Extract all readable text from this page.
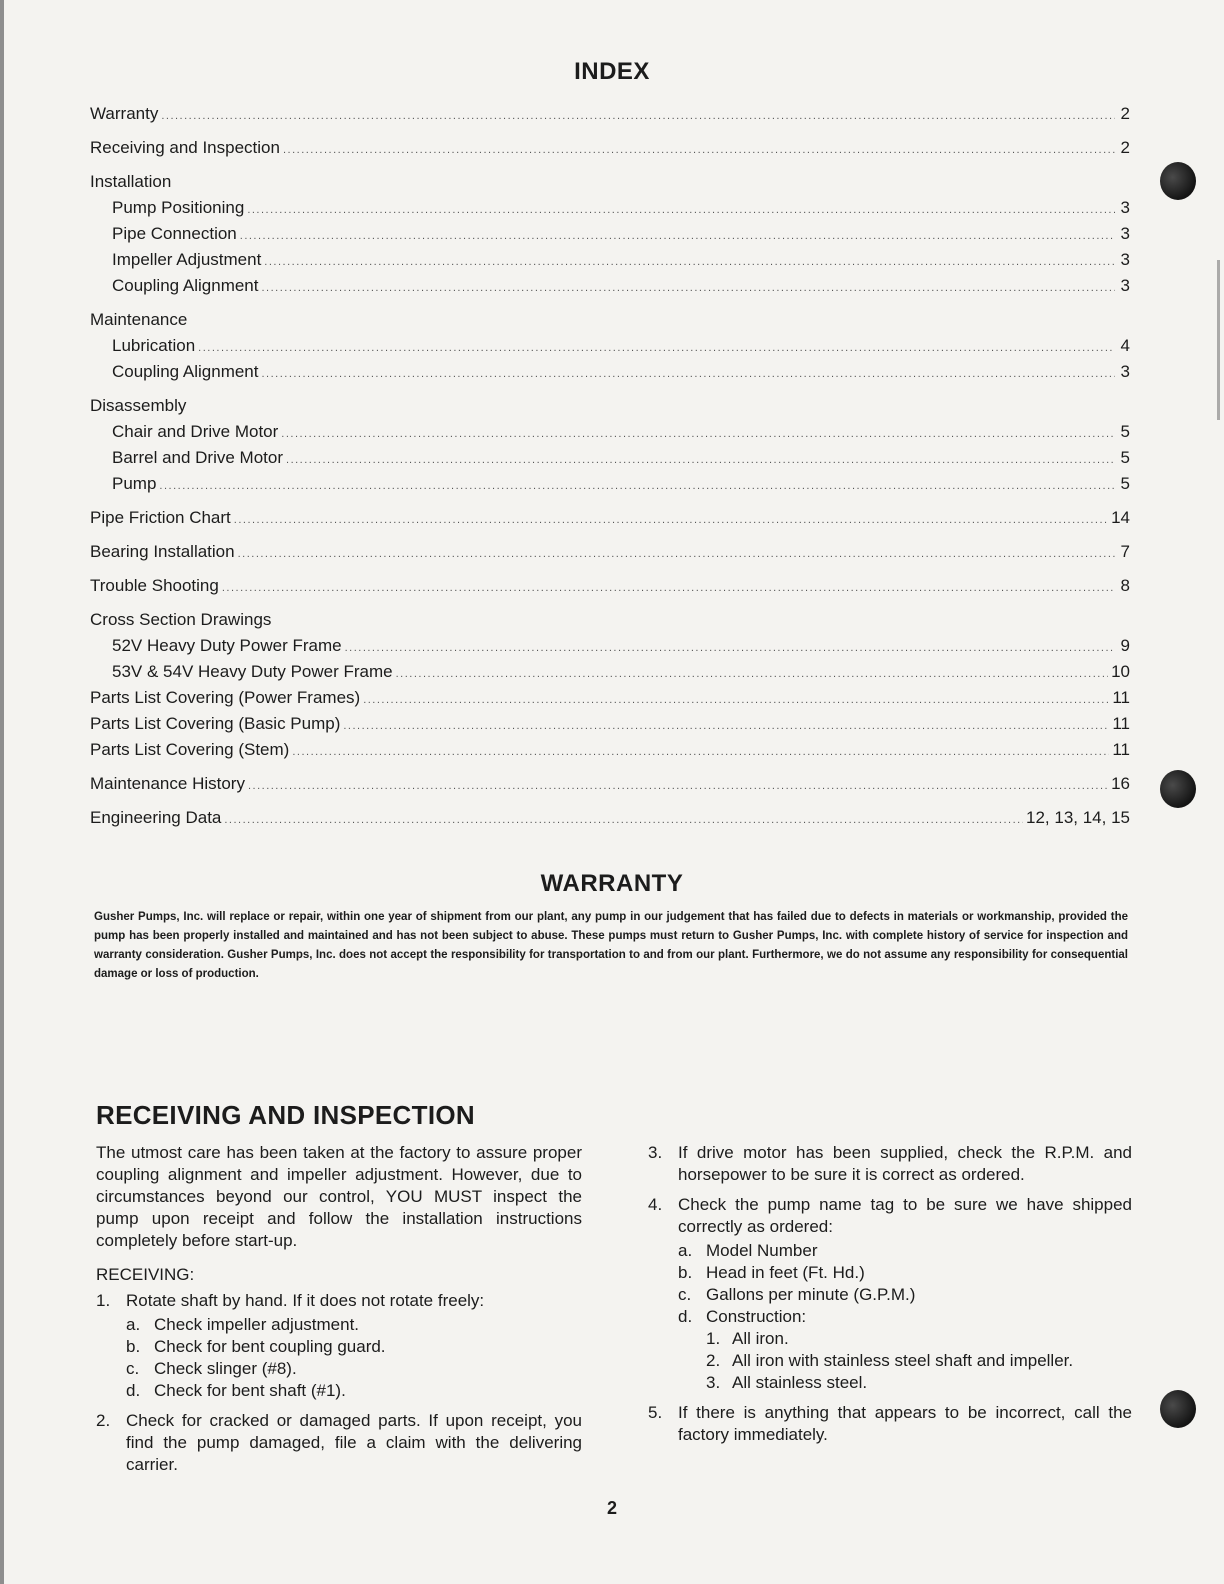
INDEX
Warranty .....	2
Receiving and Inspection .....	2
Installation
Pump Positioning .....	3
Pipe Connection .....	3
Impeller Adjustment .....	3
Coupling Alignment .....	3
Maintenance
Lubrication .....	4
Coupling Alignment .....	3
Disassembly
Chair and Drive Motor .....	5
Barrel and Drive Motor .....	5
Pump .....	5
Pipe Friction Chart .....	14
Bearing Installation .....	7
Trouble Shooting .....	8
Cross Section Drawings
52V Heavy Duty Power Frame .....	9
53V & 54V Heavy Duty Power Frame .....	10
Parts List Covering (Power Frames) .....	11
Parts List Covering (Basic Pump) .....	11
Parts List Covering (Stem) .....	11
Maintenance History .....	16
Engineering Data .....	12, 13, 14, 15
WARRANTY

Gusher Pumps, Inc. will replace or repair, within one year of shipment from our plant, any pump in our judgement that has failed due to defects in materials or workmanship, provided the pump has been properly installed and maintained and has not been subject to abuse. These pumps must return to Gusher Pumps, Inc. with complete history of service for inspection and warranty consideration. Gusher Pumps, Inc. does not accept the responsibility for transportation to and from our plant. Furthermore, we do not assume any responsibility for consequential damage or loss of production.

RECEIVING AND INSPECTION

The utmost care has been taken at the factory to assure proper coupling alignment and impeller adjustment. However, due to circumstances beyond our control, YOU MUST inspect the pump upon receipt and follow the installation instructions completely before start-up.

RECEIVING:
1. Rotate shaft by hand. If it does not rotate freely:
a. Check impeller adjustment.
b. Check for bent coupling guard.
c. Check slinger (#8).
d. Check for bent shaft (#1).
2. Check for cracked or damaged parts. If upon receipt, you find the pump damaged, file a claim with the delivering carrier.
3. If drive motor has been supplied, check the R.P.M. and horsepower to be sure it is correct as ordered.
4. Check the pump name tag to be sure we have shipped correctly as ordered:
a. Model Number
b. Head in feet (Ft. Hd.)
c. Gallons per minute (G.P.M.)
d. Construction:
1. All iron.
2. All iron with stainless steel shaft and impeller.
3. All stainless steel.
5. If there is anything that appears to be incorrect, call the factory immediately.
2
